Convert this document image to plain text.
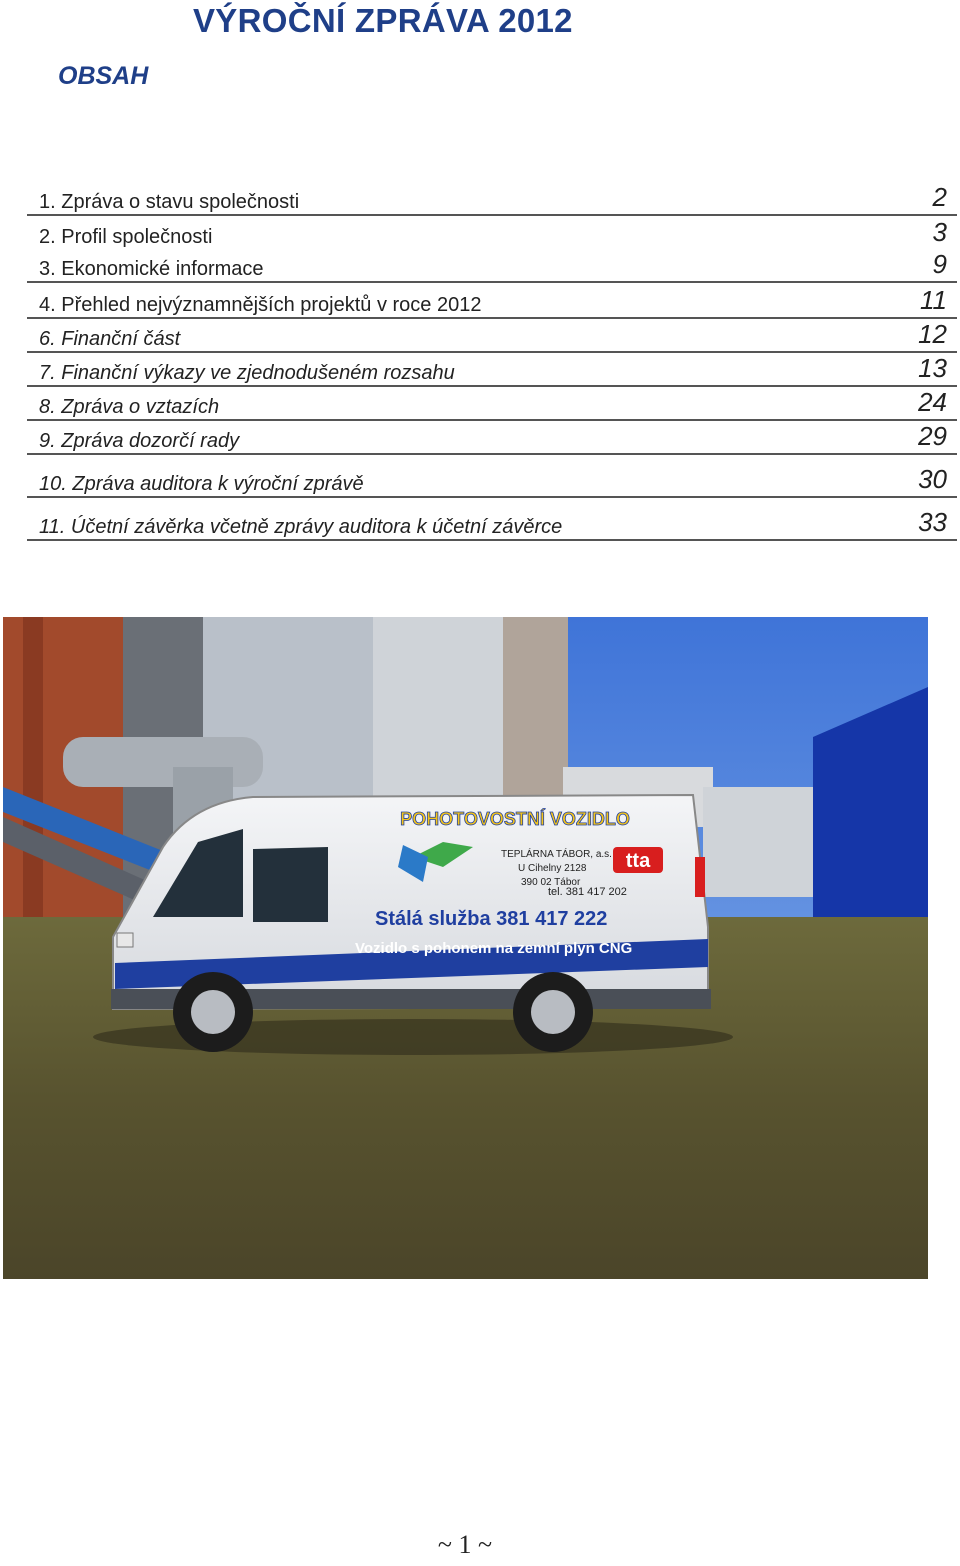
VÝROČNÍ ZPRÁVA 2012
OBSAH
1. Zpráva o stavu společnosti	2
2. Profil společnosti	3
3. Ekonomické informace	9
4. Přehled nejvýznamnějších projektů v roce 2012	11
6. Finanční část	12
7. Finanční výkazy ve zjednodušeném rozsahu	13
8. Zpráva o vztazích	24
9. Zpráva dozorčí rady	29
10. Zpráva auditora k výroční zprávě	30
11. Účetní závěrka včetně zprávy auditora k účetní závěrce	33
tta
POHOTOVOSTNÍ VOZIDLO
TEPLÁRNA TÁBOR, a.s.
U Cihelny 2128
390 02 Tábor
tel. 381 417 202
Stálá služba 381 417 222
Vozidlo s pohonem na zemní plyn CNG
~ 1 ~
